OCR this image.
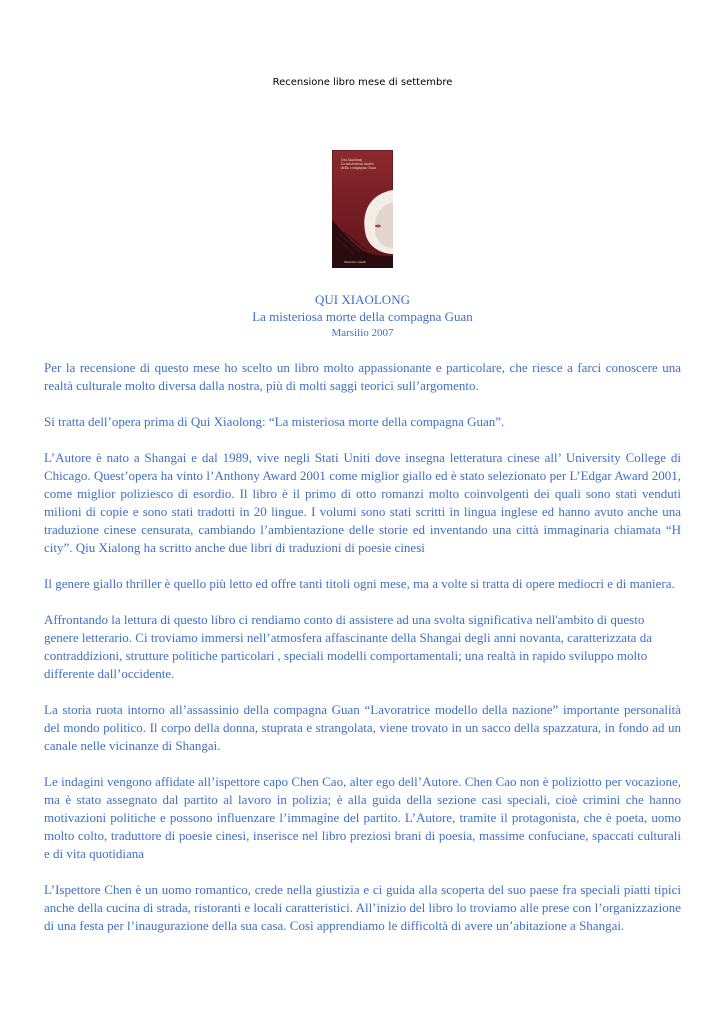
Recensione libro mese di settembre
Qiu Xiaolong
La misteriosa morte
della compagna Guan
Marsilio Gialli
QUI XIAOLONG
La misteriosa morte della compagna Guan
Marsilio 2007

Per la recensione di questo mese ho scelto un libro molto appassionante e particolare, che riesce a farci conoscere una realtà culturale molto diversa dalla nostra, più di molti saggi teorici sull’argomento.

Si tratta dell’opera prima di Qui Xiaolong: “La misteriosa morte della compagna Guan”.

L’Autore è nato a Shangai e dal 1989, vive negli Stati Uniti dove insegna letteratura cinese all’ University College di Chicago. Quest’opera ha vinto l’Anthony Award 2001 come miglior giallo ed è stato selezionato per L’Edgar Award 2001, come miglior poliziesco di esordio. Il libro è il primo di otto romanzi molto coinvolgenti dei quali sono stati venduti milioni di copie e sono stati tradotti in 20 lingue. I volumi sono stati scritti in lingua inglese ed hanno avuto anche una traduzione cinese censurata, cambiando l’ambientazione delle storie ed inventando una città immaginaria chiamata “H city”. Qiu Xialong ha scritto anche due libri di traduzioni di poesie cinesi

Il genere giallo thriller è quello più letto ed offre tanti titoli ogni mese, ma a volte si tratta di opere mediocri e di maniera.

Affrontando la lettura di questo libro ci rendiamo conto di assistere ad una svolta significativa nell'ambito di questo genere letterario. Ci troviamo immersi nell’atmosfera affascinante della Shangai degli anni novanta, caratterizzata da contraddizioni, strutture politiche particolari , speciali modelli comportamentali; una realtà in rapido sviluppo molto differente dall’occidente.

La storia ruota intorno all’assassinio della compagna Guan “Lavoratrice modello della nazione” importante personalità del mondo politico. Il corpo della donna, stuprata e strangolata, viene trovato in un sacco della spazzatura, in fondo ad un canale nelle vicinanze di Shangai.

Le indagini vengono affidate all’ispettore capo Chen Cao, alter ego dell’Autore. Chen Cao non è poliziotto per vocazione, ma è stato assegnato dal partito al lavoro in polizia; è alla guida della sezione casi speciali, cioè crimini che hanno motivazioni politiche e possono influenzare l’immagine del partito. L’Autore, tramite il protagonista, che è poeta, uomo molto colto, traduttore di poesie cinesi, inserisce nel libro preziosi brani di poesia, massime confuciane, spaccati culturali e di vita quotidiana

L’Ispettore Chen è un uomo romantico, crede nella giustizia e ci guida alla scoperta del suo paese fra speciali piatti tipici anche della cucina di strada, ristoranti e locali caratteristici. All’inizio del libro lo troviamo alle prese con l’organizzazione di una festa per l’inaugurazione della sua casa. Così apprendiamo le difficoltà di avere un’abitazione a Shangai.
